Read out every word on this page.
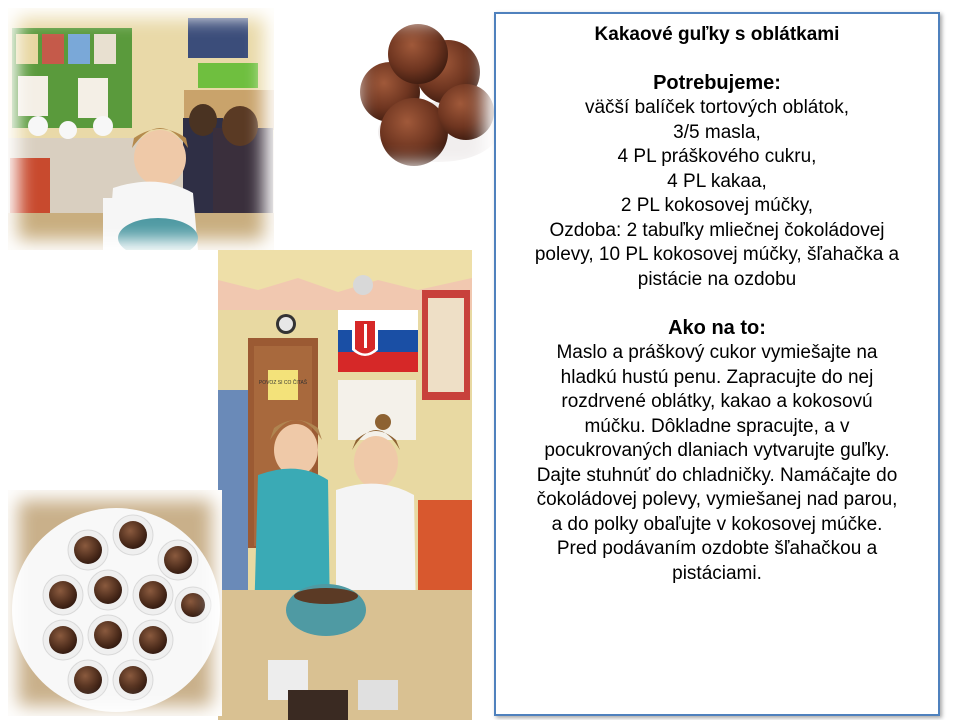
POVOZ SI CO ČITAŠ

Kakaové guľky s oblátkami

Potrebujeme:

väčší balíček tortových oblátok,

3/5 masla,

4 PL práškového cukru,

4 PL kakaa,

2 PL kokosovej múčky,

Ozdoba: 2 tabuľky mliečnej čokoládovej

polevy, 10 PL kokosovej múčky, šľahačka a

pistácie na ozdobu

Ako na to:

Maslo a práškový cukor vymiešajte na

hladkú hustú penu. Zapracujte do nej

rozdrvené oblátky, kakao a kokosovú

múčku. Dôkladne spracujte, a v

pocukrovaných dlaniach vytvarujte guľky.

Dajte stuhnúť do chladničky. Namáčajte do

čokoládovej polevy, vymiešanej nad parou,

a do polky obaľujte v kokosovej múčke.

Pred podávaním ozdobte šľahačkou a

pistáciami.
